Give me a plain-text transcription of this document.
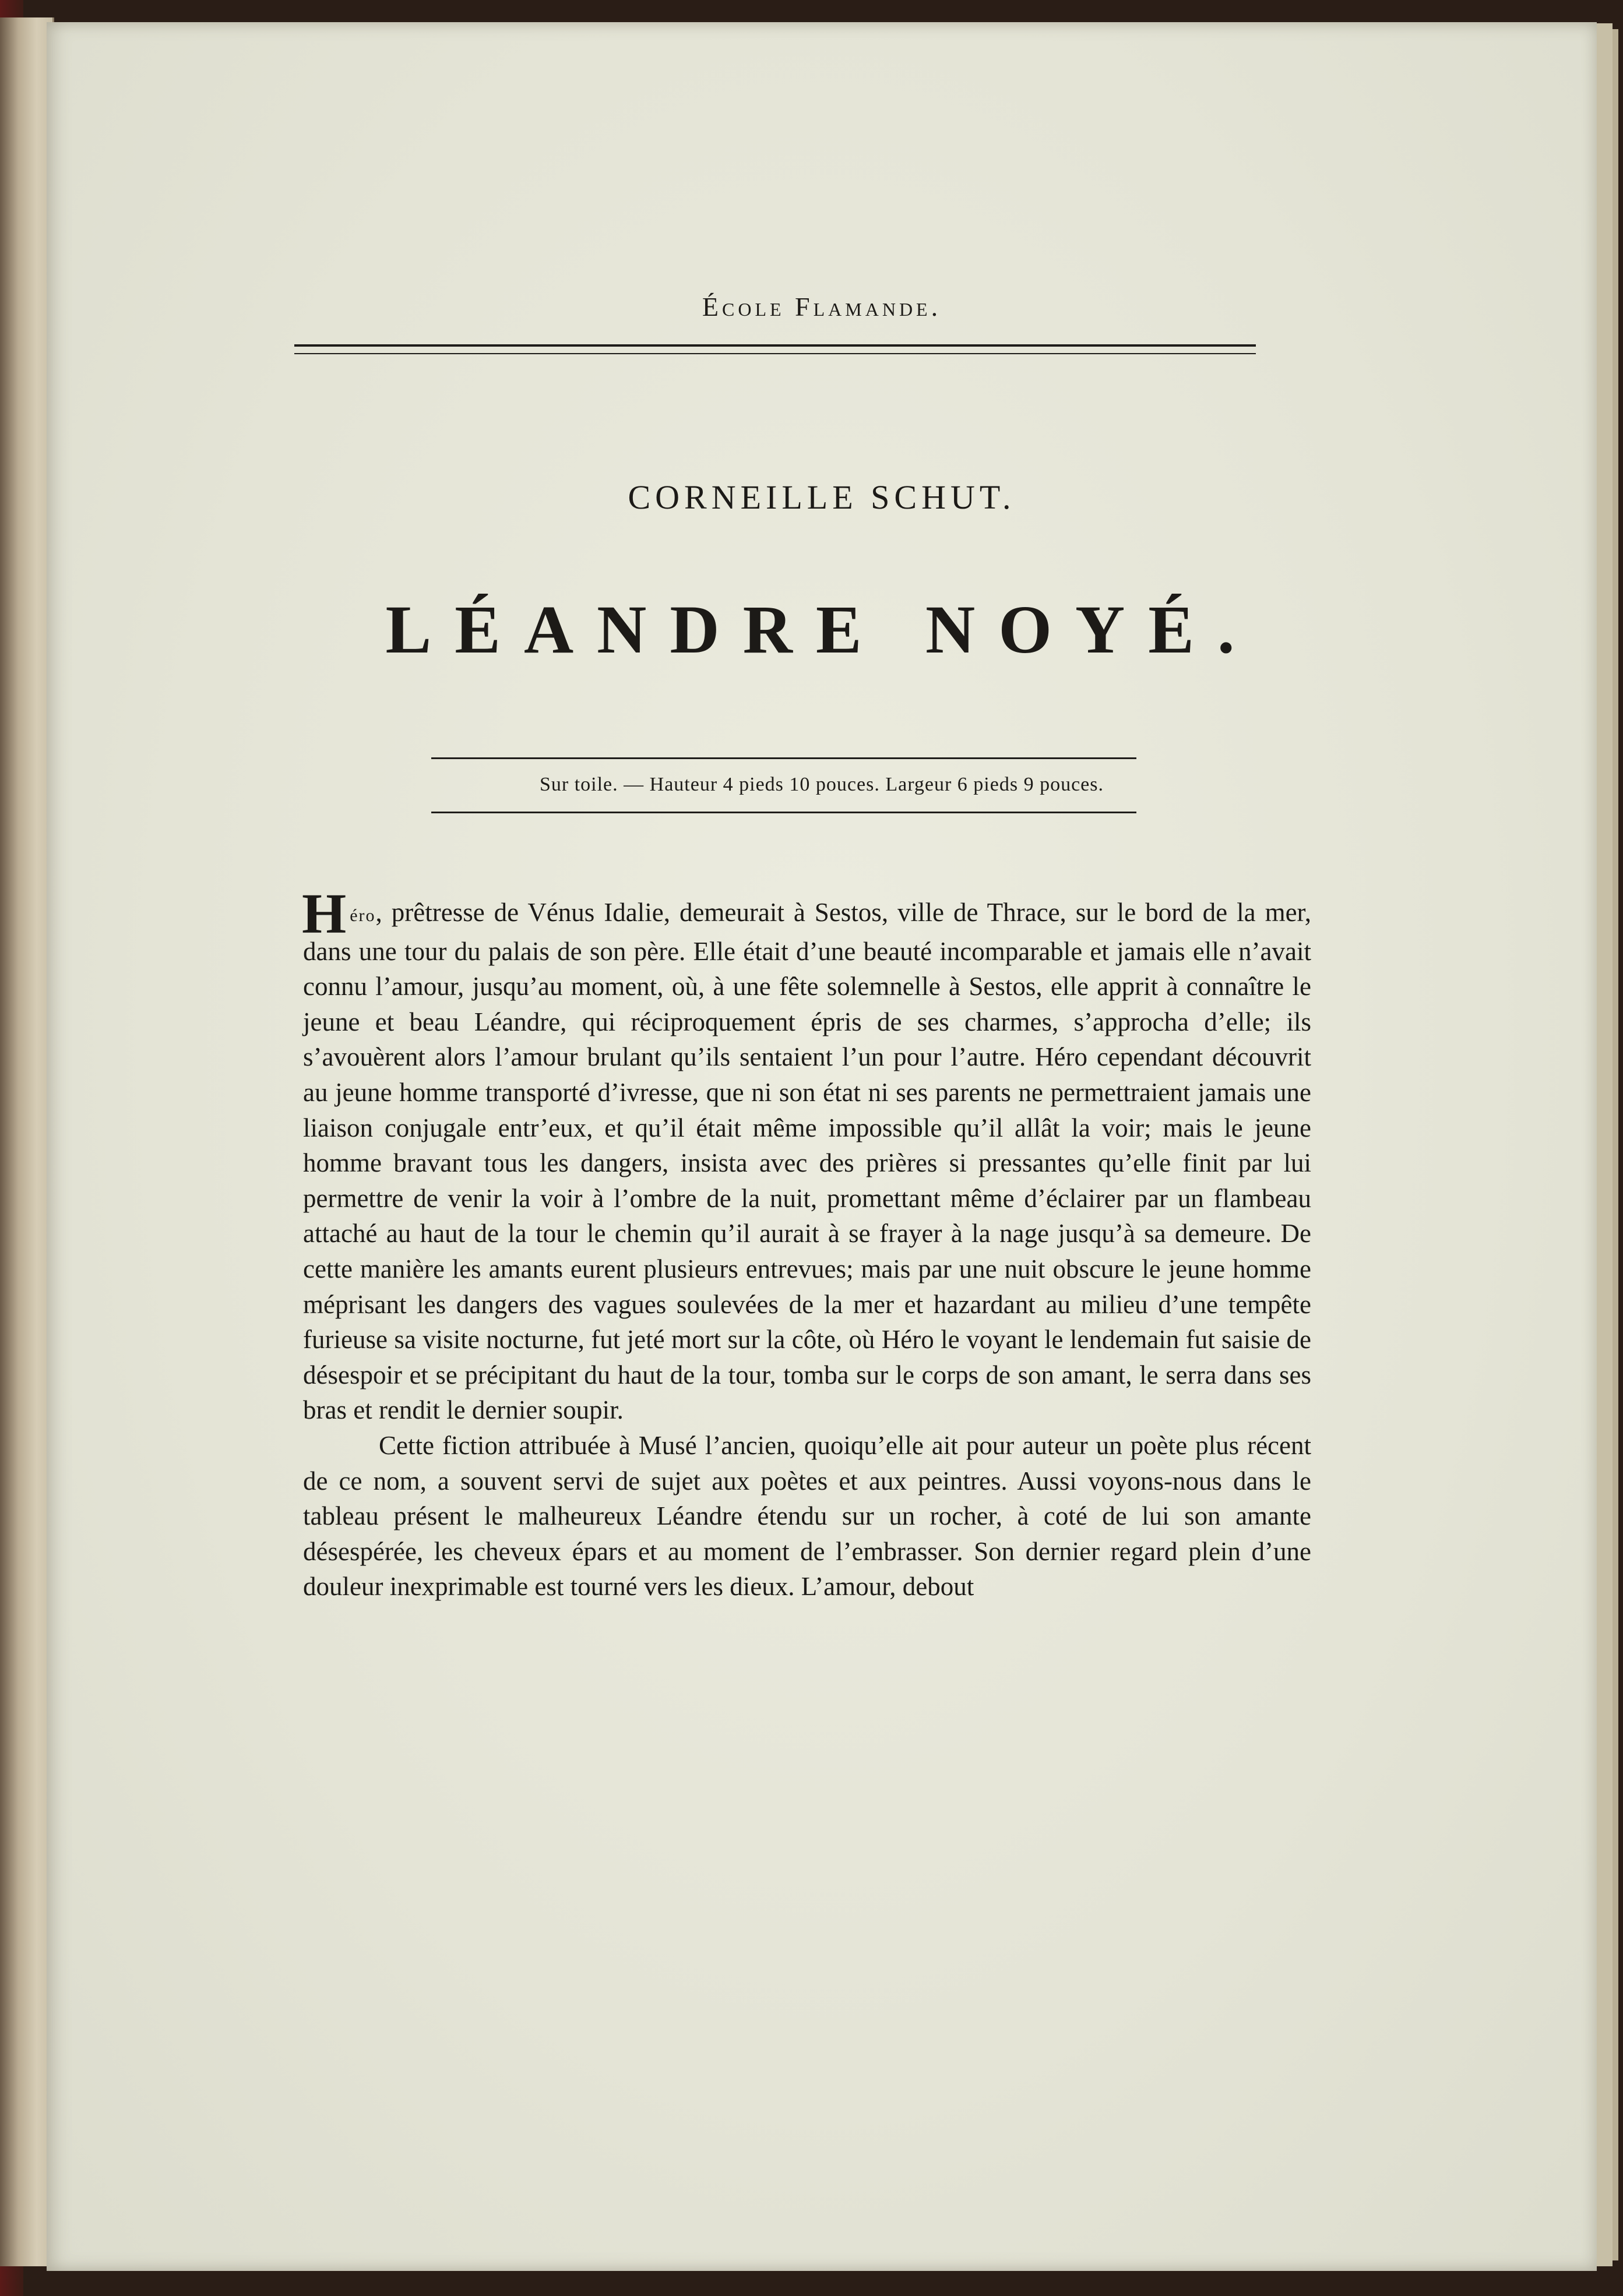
École Flamande.
CORNEILLE SCHUT.
LÉANDRE NOYÉ.
Sur toile. — Hauteur 4 pieds 10 pouces. Largeur 6 pieds 9 pouces.

Héro, prêtresse de Vénus Idalie, demeurait à Sestos, ville de Thrace, sur le bord de la mer, dans une tour du palais de son père. Elle était d’une beauté incomparable et jamais elle n’avait connu l’amour, jusqu’au moment, où, à une fête solemnelle à Sestos, elle apprit à connaître le jeune et beau Léandre, qui réciproquement épris de ses charmes, s’approcha d’elle; ils s’avouèrent alors l’amour brulant qu’ils sentaient l’un pour l’autre. Héro cependant découvrit au jeune homme transporté d’ivresse, que ni son état ni ses parents ne permettraient jamais une liaison conjugale entr’eux, et qu’il était même impossible qu’il allât la voir; mais le jeune homme bravant tous les dangers, insista avec des prières si pressantes qu’elle finit par lui permettre de venir la voir à l’ombre de la nuit, promettant même d’éclairer par un flambeau attaché au haut de la tour le chemin qu’il aurait à se frayer à la nage jusqu’à sa demeure. De cette manière les amants eurent plusieurs entrevues; mais par une nuit obscure le jeune homme méprisant les dangers des vagues soulevées de la mer et hazardant au milieu d’une tempête furieuse sa visite nocturne, fut jeté mort sur la côte, où Héro le voyant le lendemain fut saisie de désespoir et se précipitant du haut de la tour, tomba sur le corps de son amant, le serra dans ses bras et rendit le dernier soupir.

Cette fiction attribuée à Musé l’ancien, quoiqu’elle ait pour auteur un poète plus récent de ce nom, a souvent servi de sujet aux poètes et aux peintres. Aussi voyons-nous dans le tableau présent le malheureux Léandre étendu sur un rocher, à coté de lui son amante désespérée, les cheveux épars et au moment de l’embrasser. Son dernier regard plein d’une douleur inexprimable est tourné vers les dieux. L’amour, debout
